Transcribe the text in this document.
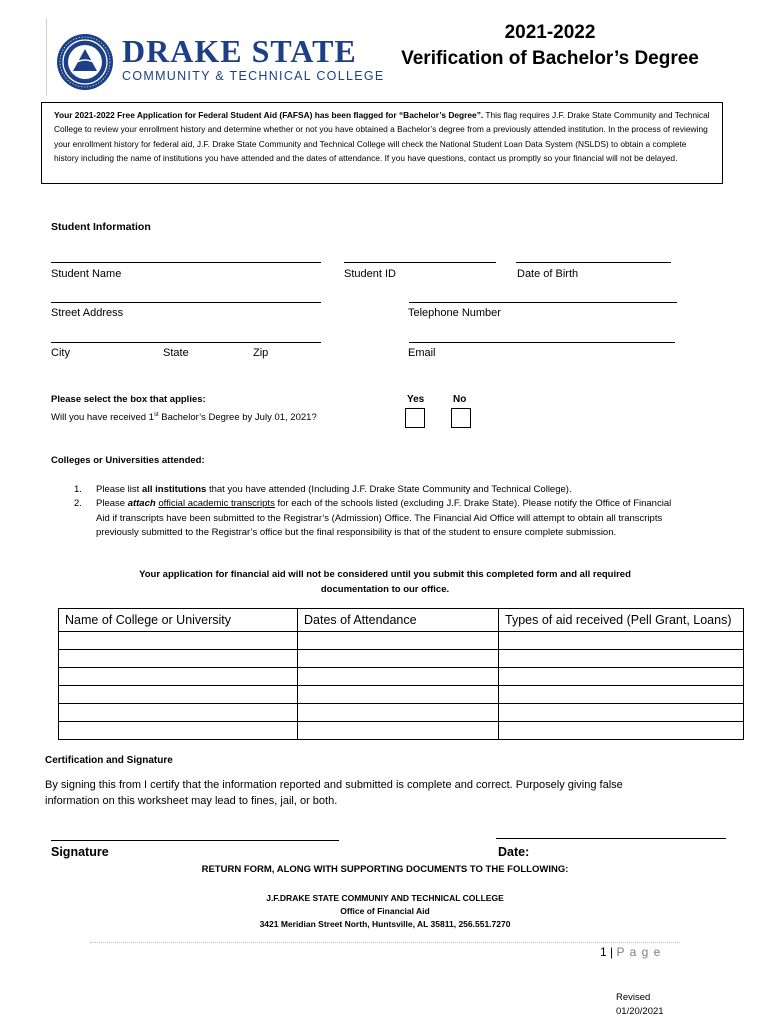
DRAKE STATE
COMMUNITY & TECHNICAL COLLEGE
2021-2022
Verification of Bachelor’s Degree
Your 2021-2022 Free Application for Federal Student Aid (FAFSA) has been flagged for “Bachelor’s Degree”. This flag requires J.F. Drake State Community and Technical College to review your enrollment history and determine whether or not you have obtained a Bachelor’s degree from a previously attended institution. In the process of reviewing your enrollment history for federal aid, J.F. Drake State Community and Technical College will check the National Student Loan Data System (NSLDS) to obtain a complete history including the name of institutions you have attended and the dates of attendance. If you have questions, contact us promptly so your financial will not be delayed.
Student Information
Student Name	Student ID	Date of Birth
Street Address	Telephone Number
City	State	Zip	Email
Please select the box that applies:
Will you have received 1st Bachelor’s Degree by July 01, 2021?
Yes	No
Colleges or Universities attended:
1.	Please list all institutions that you have attended (Including J.F. Drake State Community and Technical College).
2.	Please attach official academic transcripts for each of the schools listed (excluding J.F. Drake State). Please notify the Office of Financial Aid if transcripts have been submitted to the Registrar’s (Admission) Office. The Financial Aid Office will attempt to obtain all transcripts previously submitted to the Registrar’s office but the final responsibility is that of the student to ensure complete submission.
Your application for financial aid will not be considered until you submit this completed form and all required
documentation to our office.
Name of College or University	Dates of Attendance	Types of aid received (Pell Grant, Loans)

Certification and Signature
By signing this from I certify that the information reported and submitted is complete and correct. Purposely giving false
information on this worksheet may lead to fines, jail, or both.
Signature	Date:
RETURN FORM, ALONG WITH SUPPORTING DOCUMENTS TO THE FOLLOWING:
J.F.DRAKE STATE COMMUNIY AND TECHNICAL COLLEGE
Office of Financial Aid
3421 Meridian Street North, Huntsville, AL 35811, 256.551.7270
1 | P a g e
Revised
01/20/2021
